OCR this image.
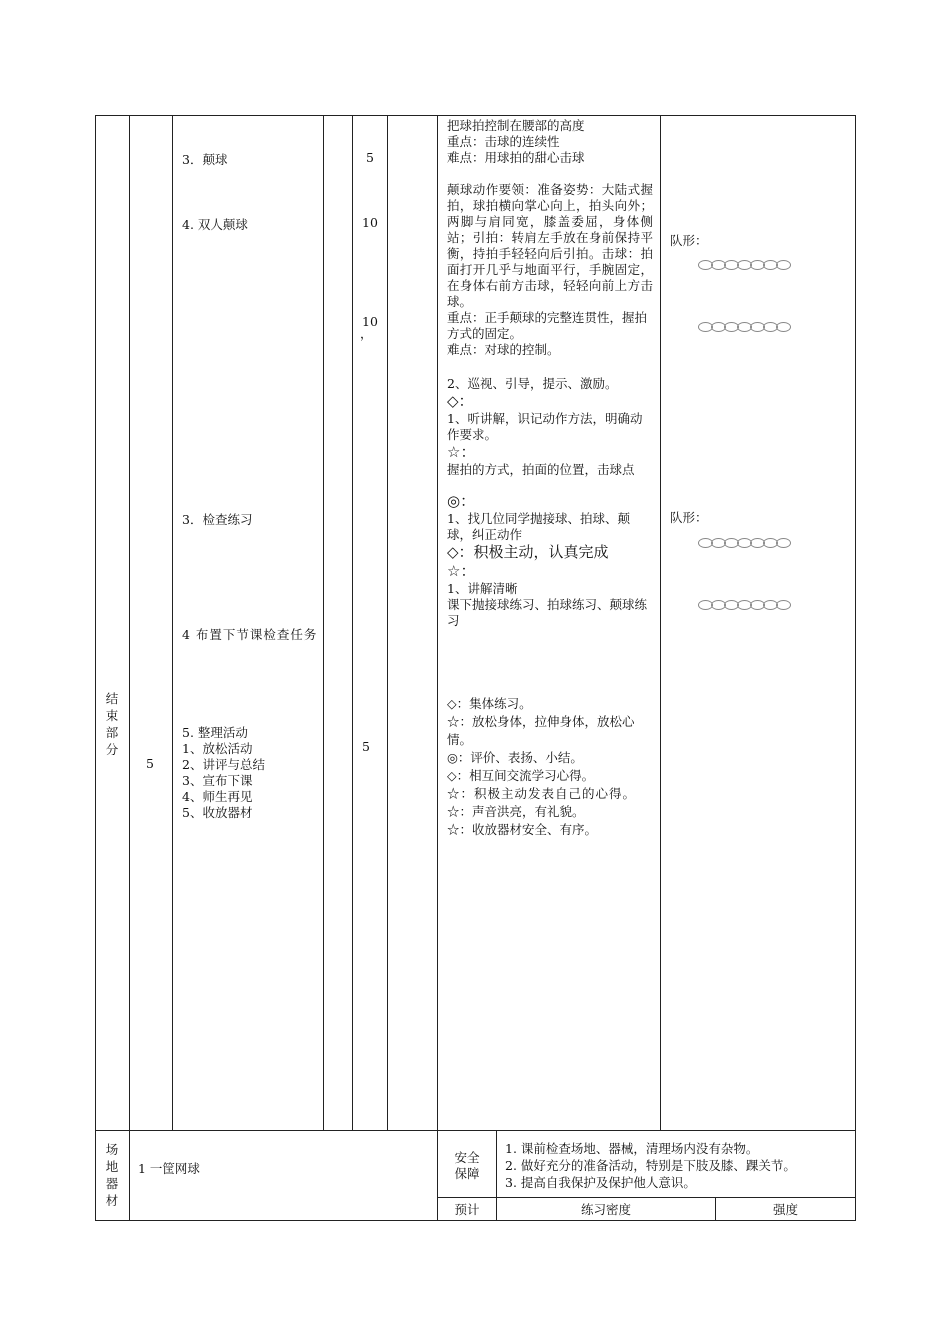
结束部分
5
3．颠球
4. 双人颠球
3．检查练习
4 布置下节课检查任务
5. 整理活动
1、放松活动
2、讲评与总结
3、宣布下课
4、师生再见
5、收放器材
5
10
10
，
5
把球拍控制在腰部的高度
重点：击球的连续性
难点：用球拍的甜心击球
颠球动作要领：准备姿势：大陆式握拍，球拍横向掌心向上，拍头向外；两脚与肩同宽，膝盖委屈，身体侧站；引拍：转肩左手放在身前保持平衡，持拍手轻轻向后引拍。击球：拍面打开几乎与地面平行，手腕固定，在身体右前方击球，轻轻向前上方击球。
重点：正手颠球的完整连贯性，握拍方式的固定。
难点：对球的控制。
2、巡视、引导，提示、激励。
◇：
1、听讲解，识记动作方法，明确动作要求。
☆：
握拍的方式，拍面的位置，击球点
◎：
1、找几位同学抛接球、拍球、颠球，纠正动作
◇：积极主动，认真完成
☆：
1、讲解清晰
课下抛接球练习、拍球练习、颠球练习
◇：集体练习。
☆：放松身体，拉伸身体，放松心情。
◎：评价、表扬、小结。
◇：相互间交流学习心得。
☆：积极主动发表自己的心得。
☆：声音洪亮，有礼貌。
☆：收放器材安全、有序。
队形：
队形：
场地器材
1 一筐网球
安全保障
1. 课前检查场地、器械，清理场内没有杂物。
2. 做好充分的准备活动，特别是下肢及膝、踝关节。
3. 提高自我保护及保护他人意识。
预计	练习密度	强度
